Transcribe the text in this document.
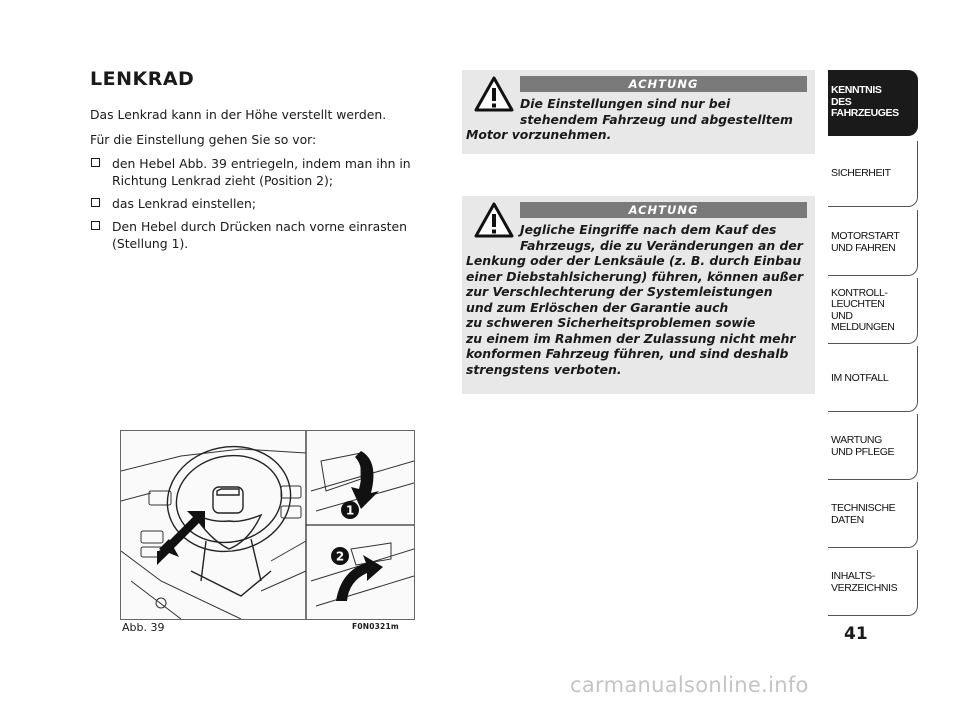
LENKRAD
Das Lenkrad kann in der Höhe verstellt werden.
Für die Einstellung gehen Sie so vor:
den Hebel Abb. 39 entriegeln, indem man ihn in Richtung Lenkrad zieht (Position 2);
das Lenkrad einstellen;
Den Hebel durch Drücken nach vorne einrasten (Stellung 1).
ACHTUNG
Die Einstellungen sind nur bei
stehendem Fahrzeug und abgestelltem
Motor vorzunehmen.
ACHTUNG
Jegliche Eingriffe nach dem Kauf des
Fahrzeugs, die zu Veränderungen an der
Lenkung oder der Lenksäule (z. B. durch Einbau
einer Diebstahlsicherung) führen, können außer
zur Verschlechterung der Systemleistungen
und zum Erlöschen der Garantie auch
zu schweren Sicherheitsproblemen sowie
zu einem im Rahmen der Zulassung nicht mehr
konformen Fahrzeug führen, und sind deshalb
strengstens verboten.
1
2
Abb. 39	F0N0321m
KENNTNIS
DES FAHRZEUGES
SICHERHEIT
MOTORSTART
UND FAHREN
KONTROLL-
LEUCHTEN
UND MELDUNGEN
IM NOTFALL
WARTUNG
UND PFLEGE
TECHNISCHE
DATEN
INHALTS-
VERZEICHNIS
41
carmanualsonline.info
